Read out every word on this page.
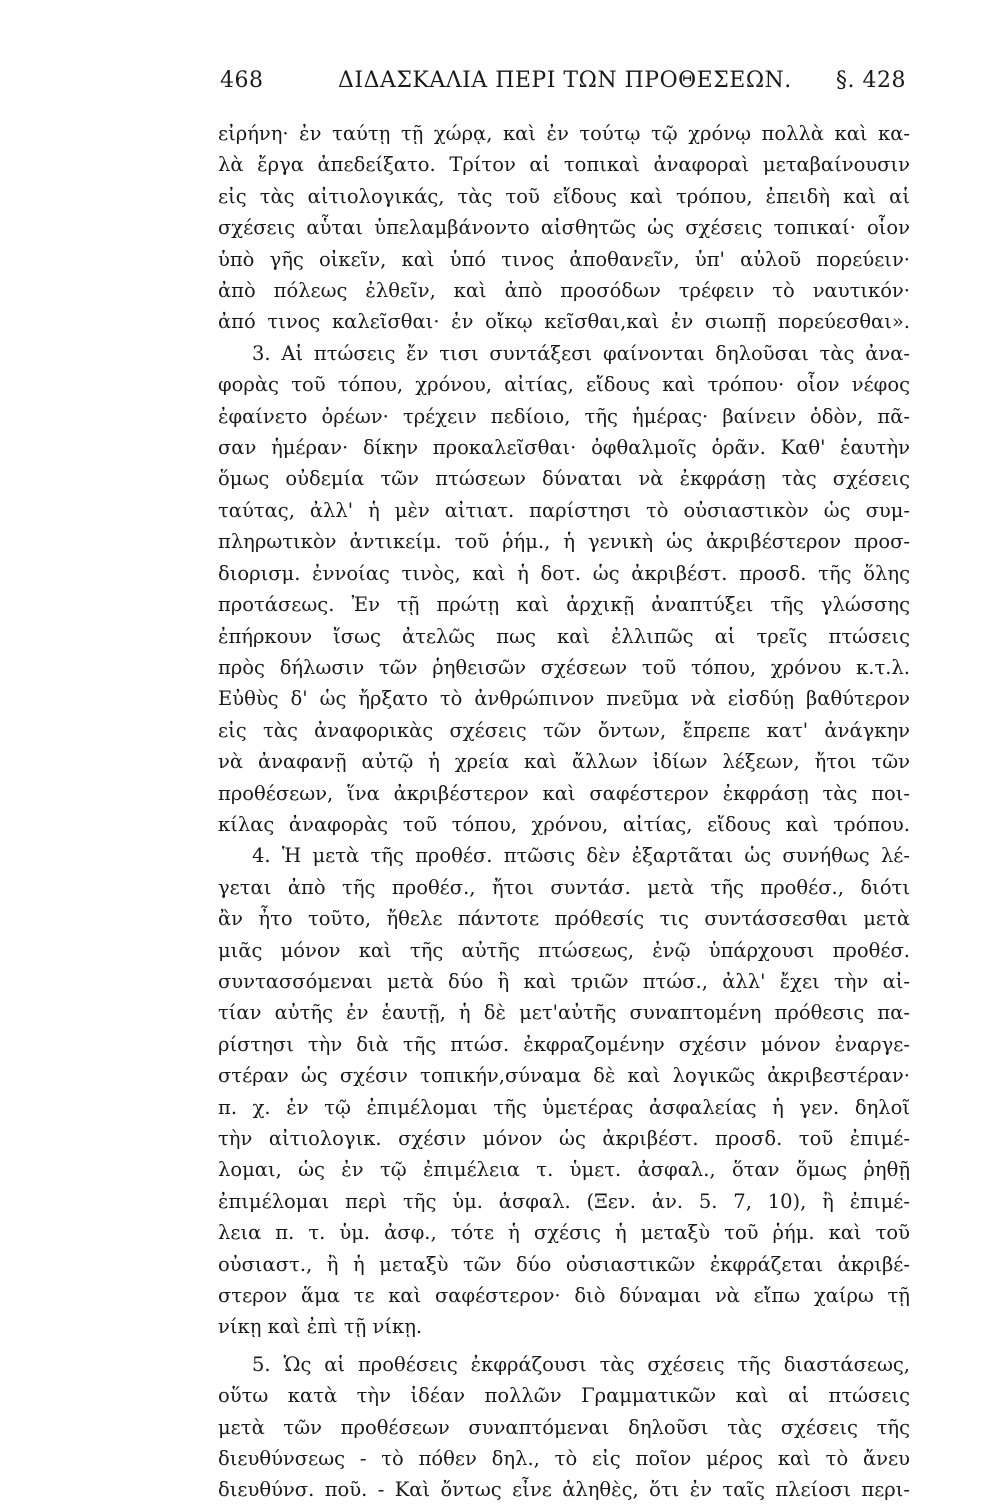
468	ΔΙΔΑΣΚΑΛΙΑ ΠΕΡΙ ΤΩΝ ΠΡΟΘΕΣΕΩΝ. §. 428

εἰρήνη· ἐν ταύτῃ τῇ χώρᾳ, καὶ ἐν τούτῳ τῷ χρόνῳ πολλὰ καὶ κα-

λὰ ἔργα ἀπεδείξατο. Τρίτον αἱ τοπικαὶ ἀναφοραὶ μεταβαίνουσιν

εἰς τὰς αἰτιολογικάς, τὰς τοῦ εἴδους καὶ τρόπου, ἐπειδὴ καὶ αἱ

σχέσεις αὗται ὑπελαμβάνοντο αἰσθητῶς ὡς σχέσεις τοπικαί· οἷον

ὑπὸ γῆς οἰκεῖν, καὶ ὑπό τινος ἀποθανεῖν, ὑπ' αὐλοῦ πορεύειν·

ἀπὸ πόλεως ἐλθεῖν, καὶ ἀπὸ προσόδων τρέφειν τὸ ναυτικόν·

ἀπό τινος καλεῖσθαι· ἐν οἴκῳ κεῖσθαι,καὶ ἐν σιωπῇ πορεύεσθαι».

3. Αἱ πτώσεις ἔν τισι συντάξεσι φαίνονται δηλοῦσαι τὰς ἀνα-

φορὰς τοῦ τόπου, χρόνου, αἰτίας, εἴδους καὶ τρόπου· οἷον νέφος

ἐφαίνετο ὀρέων· τρέχειν πεδίοιο, τῆς ἡμέρας· βαίνειν ὁδὸν, πᾶ-

σαν ἡμέραν· δίκην προκαλεῖσθαι· ὀφθαλμοῖς ὁρᾶν. Καθ' ἑαυτὴν

ὅμως οὐδεμία τῶν πτώσεων δύναται νὰ ἐκφράσῃ τὰς σχέσεις

ταύτας, ἀλλ' ἡ μὲν αἰτιατ. παρίστησι τὸ οὐσιαστικὸν ὡς συμ-

πληρωτικὸν ἀντικείμ. τοῦ ῥήμ., ἡ γενικὴ ὡς ἀκριβέστερον προσ-

διορισμ. ἐννοίας τινὸς, καὶ ἡ δοτ. ὡς ἀκριβέστ. προσδ. τῆς ὅλης

προτάσεως. Ἐν τῇ πρώτῃ καὶ ἀρχικῇ ἀναπτύξει τῆς γλώσσης

ἐπήρκουν ἴσως ἀτελῶς πως καὶ ἐλλιπῶς αἱ τρεῖς πτώσεις

πρὸς δήλωσιν τῶν ῥηθεισῶν σχέσεων τοῦ τόπου, χρόνου κ.τ.λ.

Εὐθὺς δ' ὡς ἤρξατο τὸ ἀνθρώπινον πνεῦμα νὰ εἰσδύῃ βαθύτερον

εἰς τὰς ἀναφορικὰς σχέσεις τῶν ὄντων, ἔπρεπε κατ' ἀνάγκην

νὰ ἀναφανῇ αὐτῷ ἡ χρεία καὶ ἄλλων ἰδίων λέξεων, ἤτοι τῶν

προθέσεων, ἵνα ἀκριβέστερον καὶ σαφέστερον ἐκφράσῃ τὰς ποι-

κίλας ἀναφορὰς τοῦ τόπου, χρόνου, αἰτίας, εἴδους καὶ τρόπου.

4. Ἡ μετὰ τῆς προθέσ. πτῶσις δὲν ἐξαρτᾶται ὡς συνήθως λέ-

γεται ἀπὸ τῆς προθέσ., ἤτοι συντάσ. μετὰ τῆς προθέσ., διότι

ἂν ἦτο τοῦτο, ἤθελε πάντοτε πρόθεσίς τις συντάσσεσθαι μετὰ

μιᾶς μόνον καὶ τῆς αὐτῆς πτώσεως, ἐνῷ ὑπάρχουσι προθέσ.

συντασσόμεναι μετὰ δύο ἢ καὶ τριῶν πτώσ., ἀλλ' ἔχει τὴν αἰ-

τίαν αὐτῆς ἐν ἑαυτῇ, ἡ δὲ μετ'αὐτῆς συναπτομένη πρόθεσις πα-

ρίστησι τὴν διὰ τῆς πτώσ. ἐκφραζομένην σχέσιν μόνον ἐναργε-

στέραν ὡς σχέσιν τοπικήν,σύναμα δὲ καὶ λογικῶς ἀκριβεστέραν·

π. χ. ἐν τῷ ἐπιμέλομαι τῆς ὑμετέρας ἀσφαλείας ἡ γεν. δηλοῖ

τὴν αἰτιολογικ. σχέσιν μόνον ὡς ἀκριβέστ. προσδ. τοῦ ἐπιμέ-

λομαι, ὡς ἐν τῷ ἐπιμέλεια τ. ὑμετ. ἀσφαλ., ὅταν ὅμως ῥηθῇ

ἐπιμέλομαι περὶ τῆς ὑμ. ἀσφαλ. (Ξεν. ἀν. 5. 7, 10), ἢ ἐπιμέ-

λεια π. τ. ὑμ. ἀσφ., τότε ἡ σχέσις ἡ μεταξὺ τοῦ ῥήμ. καὶ τοῦ

οὐσιαστ., ἢ ἡ μεταξὺ τῶν δύο οὐσιαστικῶν ἐκφράζεται ἀκριβέ-

στερον ἅμα τε καὶ σαφέστερον· διὸ δύναμαι νὰ εἴπω χαίρω τῇ

νίκῃ καὶ ἐπὶ τῇ νίκῃ.

5. Ὡς αἱ προθέσεις ἐκφράζουσι τὰς σχέσεις τῆς διαστάσεως,

οὕτω κατὰ τὴν ἰδέαν πολλῶν Γραμματικῶν καὶ αἱ πτώσεις

μετὰ τῶν προθέσεων συναπτόμεναι δηλοῦσι τὰς σχέσεις τῆς

διευθύνσεως - τὸ πόθεν δηλ., τὸ εἰς ποῖον μέρος καὶ τὸ ἄνευ

διευθύνσ. ποῦ. - Καὶ ὄντως εἶνε ἀληθὲς, ὅτι ἐν ταῖς πλείοσι περι-
